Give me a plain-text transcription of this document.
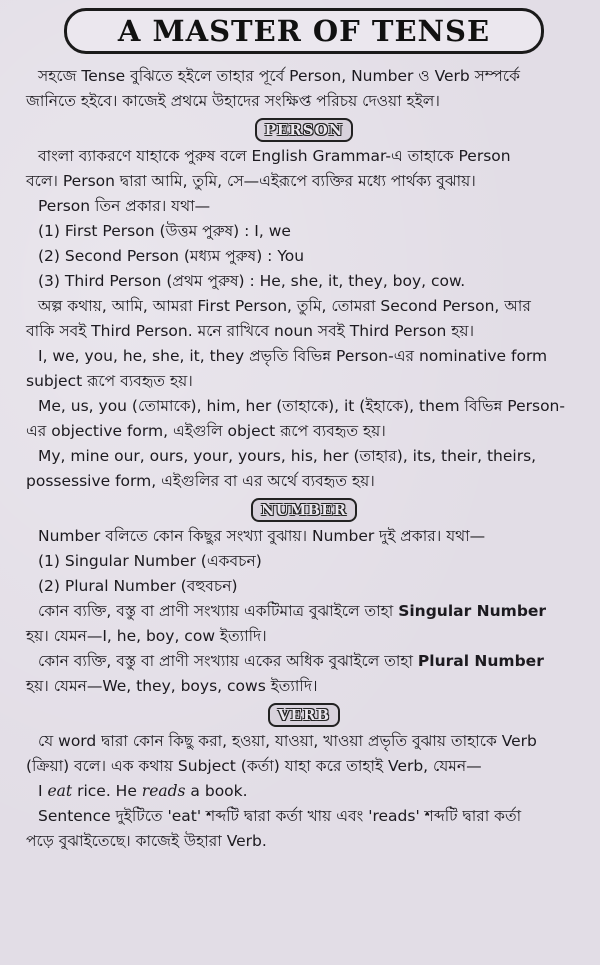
A MASTER OF TENSE

সহজে Tense বুঝিতে হইলে তাহার পূর্বে Person, Number ও Verb সম্পর্কে

জানিতে হইবে। কাজেই প্রথমে উহাদের সংক্ষিপ্ত পরিচয় দেওয়া হইল।

PERSON

বাংলা ব্যাকরণে যাহাকে পুরুষ বলে English Grammar-এ তাহাকে Person

বলে। Person দ্বারা আমি, তুমি, সে—এইরূপে ব্যক্তির মধ্যে পার্থক্য বুঝায়।

Person তিন প্রকার। যথা—

(1) First Person (উত্তম পুরুষ) : I, we

(2) Second Person (মধ্যম পুরুষ) : You

(3) Third Person (প্রথম পুরুষ) : He, she, it, they, boy, cow.

অল্প কথায়, আমি, আমরা First Person, তুমি, তোমরা Second Person, আর

বাকি সবই Third Person. মনে রাখিবে noun সবই Third Person হয়।

I, we, you, he, she, it, they প্রভৃতি বিভিন্ন Person-এর nominative form

subject রূপে ব্যবহৃত হয়।

Me, us, you (তোমাকে), him, her (তাহাকে), it (ইহাকে), them বিভিন্ন Person-

এর objective form, এইগুলি object রূপে ব্যবহৃত হয়।

My, mine our, ours, your, yours, his, her (তাহার), its, their, theirs,

possessive form, এইগুলির বা এর অর্থে ব্যবহৃত হয়।

NUMBER

Number বলিতে কোন কিছুর সংখ্যা বুঝায়। Number দুই প্রকার। যথা—

(1) Singular Number (একবচন)

(2) Plural Number (বহুবচন)

কোন ব্যক্তি, বস্তু বা প্রাণী সংখ্যায় একটিমাত্র বুঝাইলে তাহা Singular Number

হয়। যেমন—I, he, boy, cow ইত্যাদি।

কোন ব্যক্তি, বস্তু বা প্রাণী সংখ্যায় একের অধিক বুঝাইলে তাহা Plural Number

হয়। যেমন—We, they, boys, cows ইত্যাদি।

VERB

যে word দ্বারা কোন কিছু করা, হওয়া, যাওয়া, খাওয়া প্রভৃতি বুঝায় তাহাকে Verb

(ক্রিয়া) বলে। এক কথায় Subject (কর্তা) যাহা করে তাহাই Verb, যেমন—

I eat rice. He reads a book.

Sentence দুইটিতে 'eat' শব্দটি দ্বারা কর্তা খায় এবং 'reads' শব্দটি দ্বারা কর্তা

পড়ে বুঝাইতেছে। কাজেই উহারা Verb.
